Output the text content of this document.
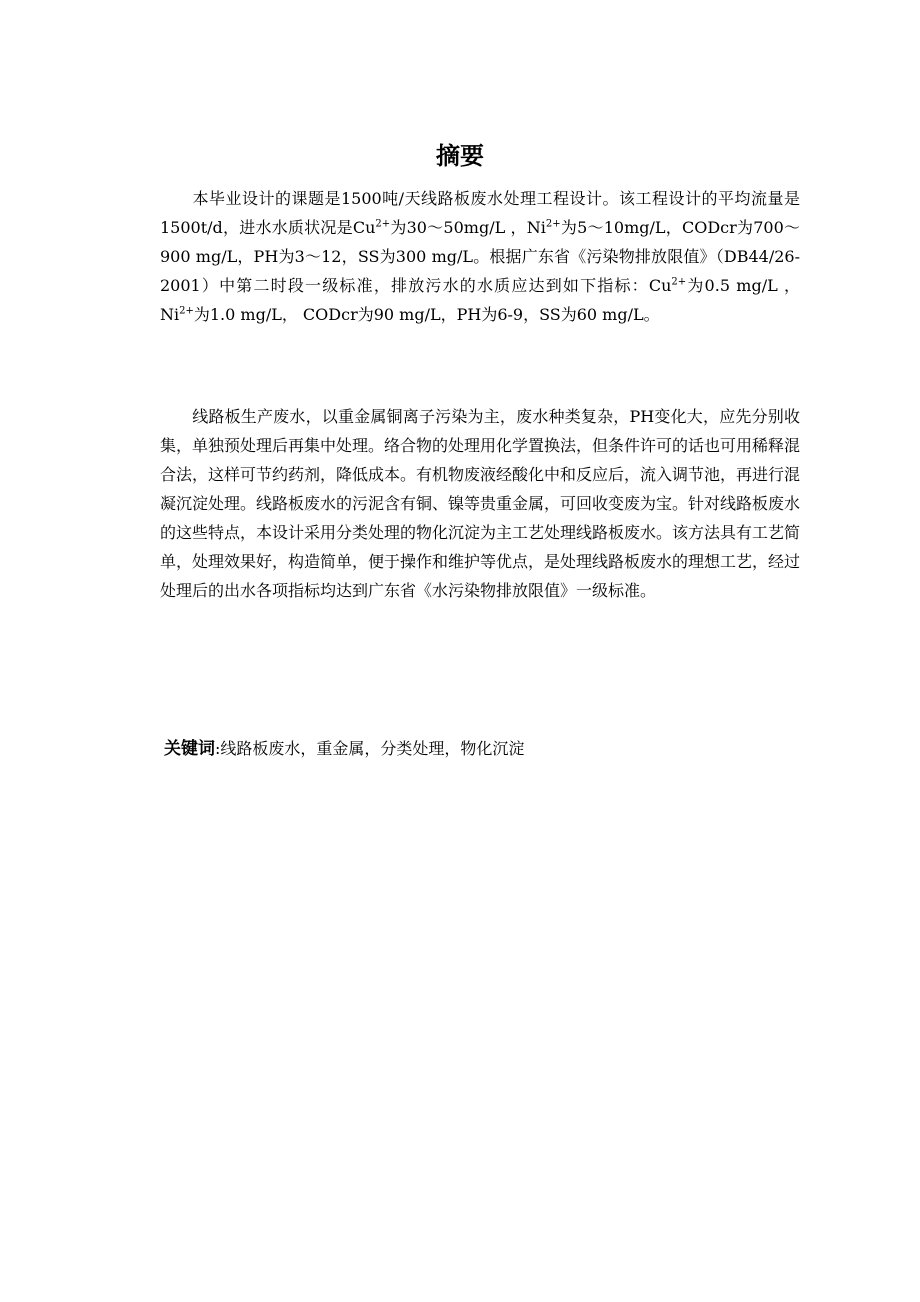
摘要

本毕业设计的课题是1500吨/天线路板废水处理工程设计。该工程设计的平均流量是1500t/d，进水水质状况是$Cu^{2+}$为30～50mg/L ，$Ni^{2+}$为5～10mg/L，CODcr为700～900 mg/L，PH为3～12，SS为300 mg/L。根据广东省《污染物排放限值》（DB44/26-2001）中第二时段一级标准，排放污水的水质应达到如下指标：$Cu^{2+}$为0.5 mg/L ，$Ni^{2+}$为1.0 mg/L， CODcr为90 mg/L，PH为6-9，SS为60 mg/L。

线路板生产废水，以重金属铜离子污染为主，废水种类复杂，PH变化大，应先分别收集，单独预处理后再集中处理。络合物的处理用化学置换法，但条件许可的话也可用稀释混合法，这样可节约药剂，降低成本。有机物废液经酸化中和反应后，流入调节池，再进行混凝沉淀处理。线路板废水的污泥含有铜、镍等贵重金属，可回收变废为宝。针对线路板废水的这些特点，本设计采用分类处理的物化沉淀为主工艺处理线路板废水。该方法具有工艺简单，处理效果好，构造简单，便于操作和维护等优点，是处理线路板废水的理想工艺，经过处理后的出水各项指标均达到广东省《水污染物排放限值》一级标准。

关键词:线路板废水，重金属，分类处理，物化沉淀
